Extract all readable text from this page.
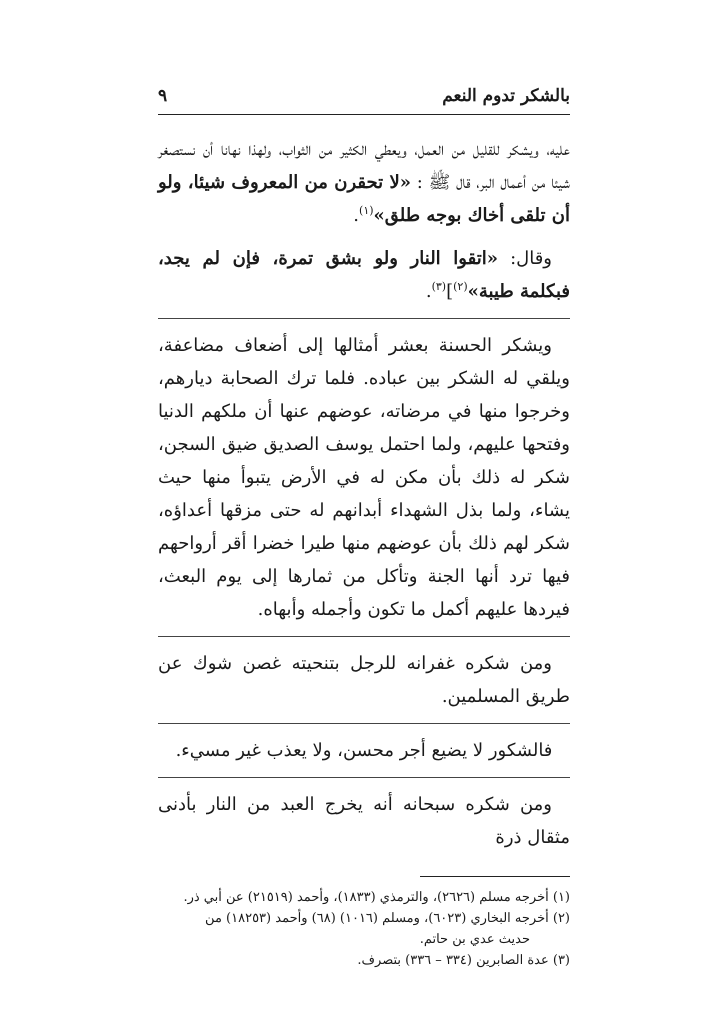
بالشكر تدوم النعم
٩

عليه، ويشكر للقليل من العمل، ويعطي الكثير من الثواب، ولهذا نهانا أن نستصغر شيئا من أعمال البر، قال ﷺ : «لا تحقرن من المعروف شيئا، ولو أن تلقى أخاك بوجه طلق»$^{(١)}$.

وقال: «اتقوا النار ولو بشق تمرة، فإن لم يجد، فبكلمة طيبة»$^{(٢)}$]$^{(٣)}$.

ويشكر الحسنة بعشر أمثالها إلى أضعاف مضاعفة، ويلقي له الشكر بين عباده. فلما ترك الصحابة ديارهم، وخرجوا منها في مرضاته، عوضهم عنها أن ملكهم الدنيا وفتحها عليهم، ولما احتمل يوسف الصديق ضيق السجن، شكر له ذلك بأن مكن له في الأرض يتبوأ منها حيث يشاء، ولما بذل الشهداء أبدانهم له حتى مزقها أعداؤه، شكر لهم ذلك بأن عوضهم منها طيرا خضرا أقر أرواحهم فيها ترد أنها الجنة وتأكل من ثمارها إلى يوم البعث، فيردها عليهم أكمل ما تكون وأجمله وأبهاه.

ومن شكره غفرانه للرجل بتنحيته غصن شوك عن طريق المسلمين.

فالشكور لا يضيع أجر محسن، ولا يعذب غير مسيء.

ومن شكره سبحانه أنه يخرج العبد من النار بأدنى مثقال ذرة

(١) أخرجه مسلم (٢٦٢٦)، والترمذي (١٨٣٣)، وأحمد (٢١٥١٩) عن أبي ذر.
(٢) أخرجه البخاري (٦٠٢٣)، ومسلم (١٠١٦) (٦٨) وأحمد (١٨٢٥٣) من
حديث عدي بن حاتم.
(٣) عدة الصابرين (٣٣٤ – ٣٣٦) بتصرف.
